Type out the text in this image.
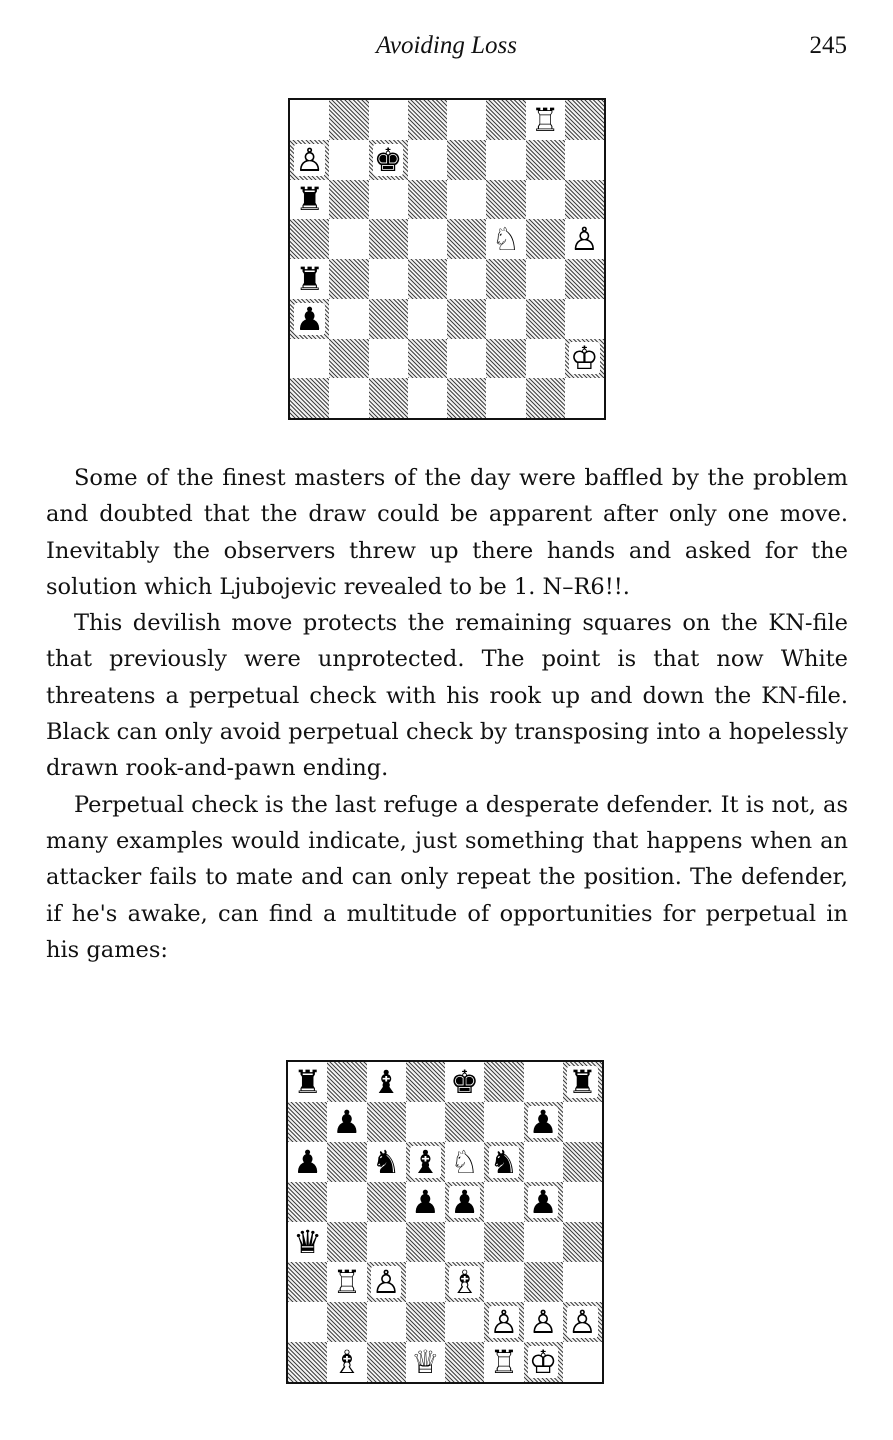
Avoiding Loss	245
♖
♙ ♚
♜
♘ ♙
♜
♟
♔

Some of the finest masters of the day were baffled by the problem and doubted that the draw could be apparent after only one move. Inevitably the observers threw up there hands and asked for the solution which Ljubojevic revealed to be 1. N–R6!!.

This devilish move protects the remaining squares on the KN-file that previously were unprotected. The point is that now White threatens a perpetual check with his rook up and down the KN-file. Black can only avoid perpetual check by transposing into a hopelessly drawn rook-and-pawn ending.

Perpetual check is the last refuge a desperate defender. It is not, as many examples would indicate, just something that happens when an attacker fails to mate and can only repeat the position. The defender, if he's awake, can find a multitude of opportunities for perpetual in his games:

♜ ♝ ♚	♜
♟	♟
♟ ♞ ♝ ♘ ♞
♟ ♟ ♟
♛
♖ ♙ ♗
♙ ♙ ♙
♗ ♕ ♖ ♔
